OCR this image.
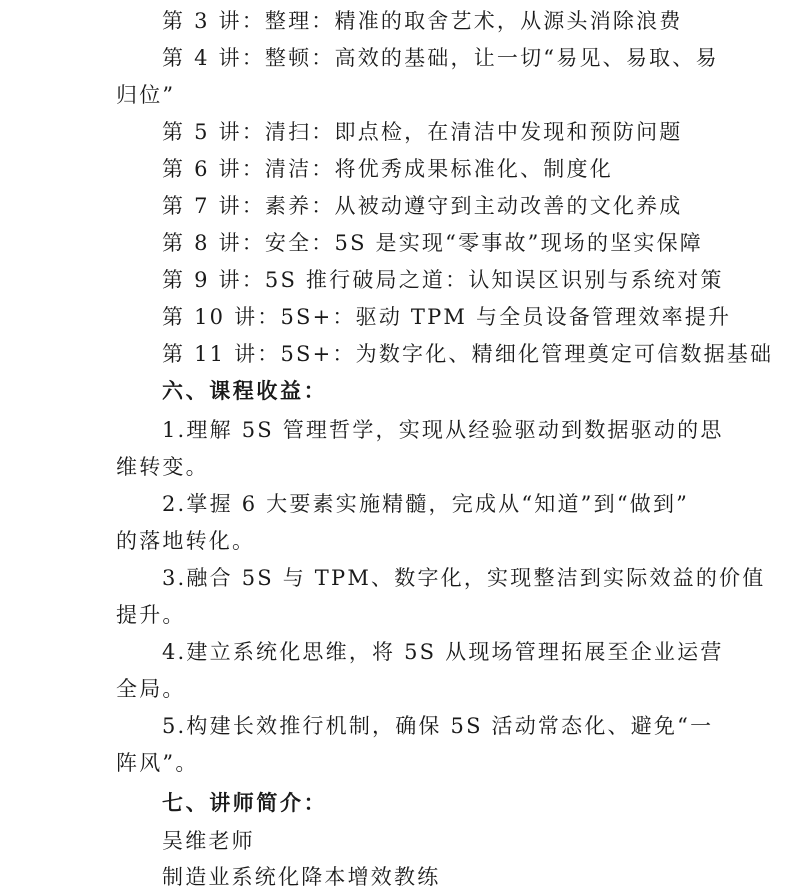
第 3 讲：整理：精准的取舍艺术，从源头消除浪费
第 4 讲：整顿：高效的基础，让一切“易见、易取、易
归位”
第 5 讲：清扫：即点检，在清洁中发现和预防问题
第 6 讲：清洁：将优秀成果标准化、制度化
第 7 讲：素养：从被动遵守到主动改善的文化养成
第 8 讲：安全：5S 是实现“零事故”现场的坚实保障
第 9 讲：5S 推行破局之道：认知误区识别与系统对策
第 10 讲：5S+：驱动 TPM 与全员设备管理效率提升
第 11 讲：5S+：为数字化、精细化管理奠定可信数据基础
六、课程收益：
1.理解 5S 管理哲学，实现从经验驱动到数据驱动的思
维转变。
2.掌握 6 大要素实施精髓，完成从“知道”到“做到”
的落地转化。
3.融合 5S 与 TPM、数字化，实现整洁到实际效益的价值
提升。
4.建立系统化思维，将 5S 从现场管理拓展至企业运营
全局。
5.构建长效推行机制，确保 5S 活动常态化、避免“一
阵风”。
七、讲师简介：
吴维老师
制造业系统化降本增效教练
